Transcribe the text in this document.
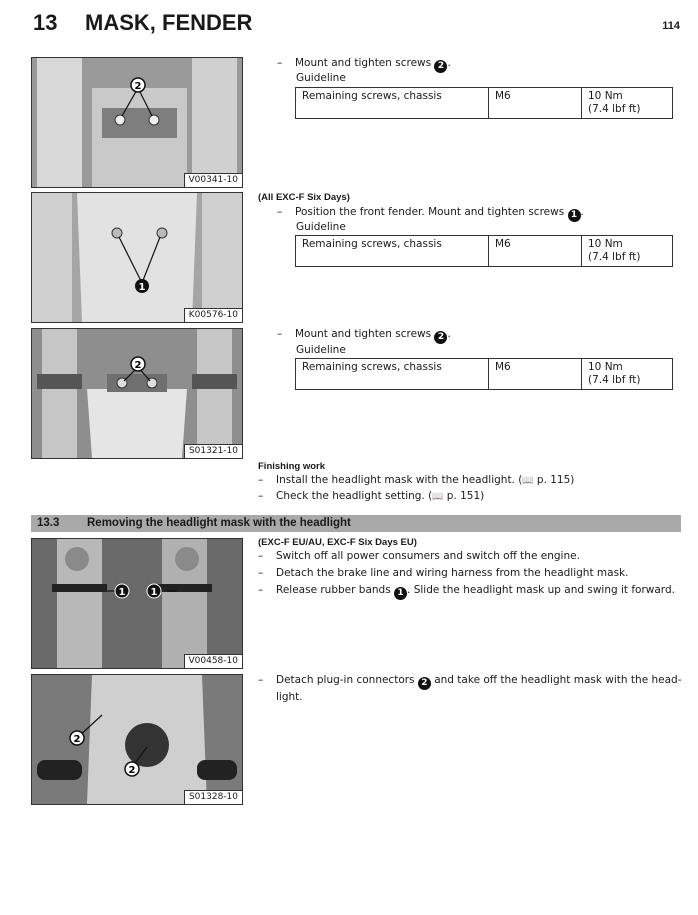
13 MASK, FENDER	114
2
V00341-10
1
K00576-10
2
S01321-10
– Mount and tighten screws 2 .
Guideline
Remaining screws, chassis	M6	10 Nm
(7.4 lbf ft)
(All EXC-F Six Days)
– Position the front fender. Mount and tighten screws 1 .
Guideline
Remaining screws, chassis	M6	10 Nm
(7.4 lbf ft)
– Mount and tighten screws 2 .
Guideline
Remaining screws, chassis	M6	10 Nm
(7.4 lbf ft)
Finishing work
– Install the headlight mask with the headlight. (📖 p. 115)
– Check the headlight setting. (📖 p. 151)
13.3 Removing the headlight mask with the headlight
1	1
V00458-10
2
2
S01328-10
(EXC-F EU/AU, EXC-F Six Days EU)
– Switch off all power consumers and switch off the engine.
– Detach the brake line and wiring harness from the headlight mask.
– Release rubber bands 1 . Slide the headlight mask up and swing it forward.
– Detach plug-in connectors 2 and take off the headlight mask with the head-
light.
